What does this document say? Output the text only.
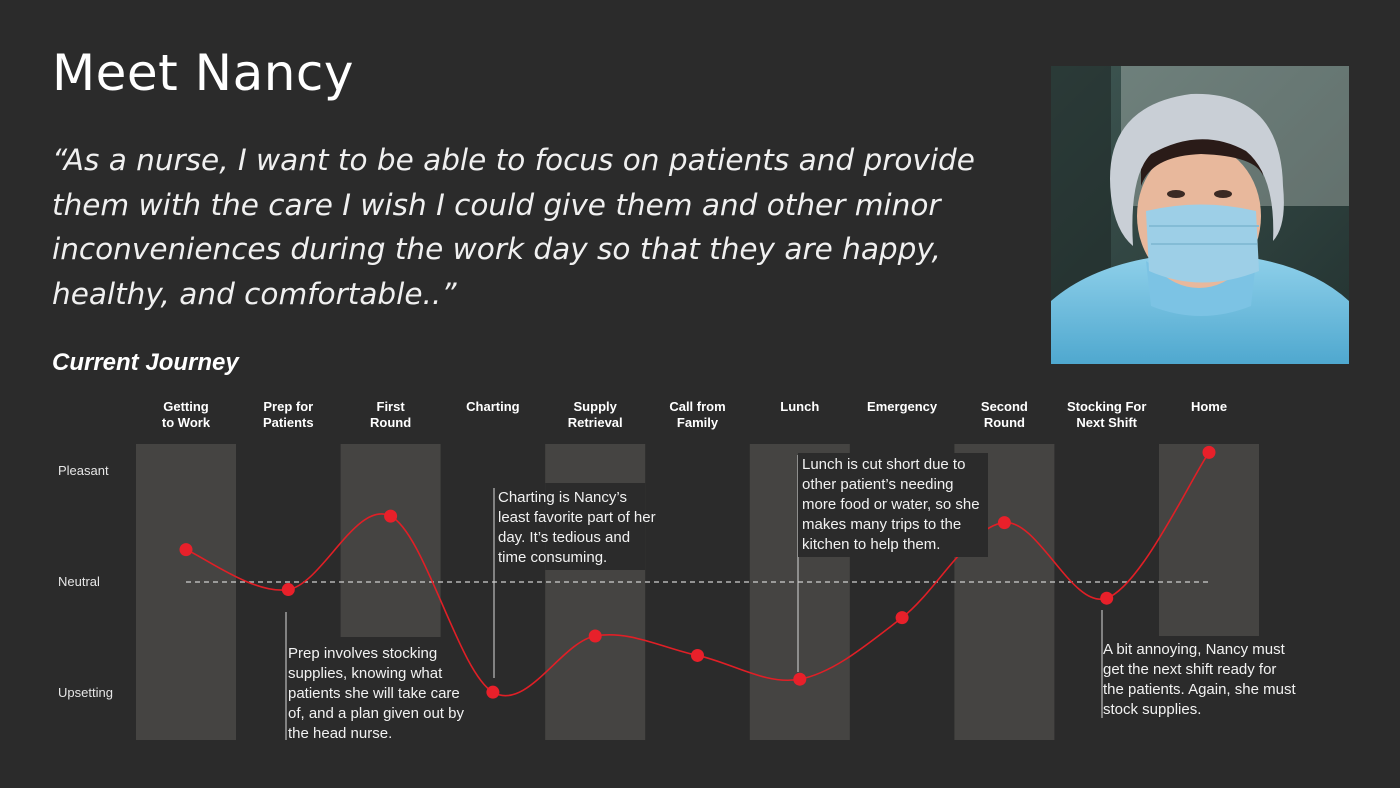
Meet Nancy
“As a nurse, I want to be able to focus on patients and provide them with the care I wish I could give them and other minor inconveniences during the work day so that they are happy, healthy, and comfortable..”
Current Journey
Pleasant
Neutral
Upsetting
Getting
to Work
Prep for
Patients
First
Round
Charting	Supply
Retrieval
Call from
Family
Lunch	Emergency	Second
Round
Stocking For
Next Shift
Home
Prep involves stocking supplies, knowing what patients she will take care of, and a plan given out by the head nurse.
Charting is Nancy’s least favorite part of her day. It’s tedious and time consuming.
Lunch is cut short due to other patient’s needing more food or water, so she makes many trips to the kitchen to help them.
A bit annoying, Nancy must get the next shift ready for the patients. Again, she must stock supplies.
